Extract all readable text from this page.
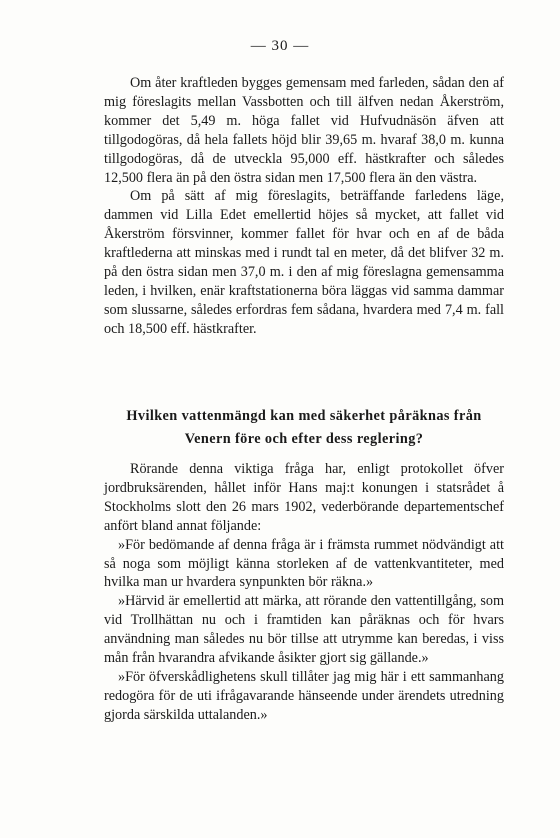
— 30 —

Om åter kraftleden bygges gemensam med farleden, sådan den af mig föreslagits mellan Vassbotten och till älfven nedan Åkerström, kommer det 5,49 m. höga fallet vid Hufvudnäsön äfven att tillgodogöras, då hela fallets höjd blir 39,65 m. hvaraf 38,0 m. kunna tillgodogöras, då de utveckla 95,000 eff. hästkrafter och således 12,500 flera än på den östra sidan men 17,500 flera än den västra.

Om på sätt af mig föreslagits, beträffande farledens läge, dammen vid Lilla Edet emellertid höjes så mycket, att fallet vid Åkerström försvinner, kommer fallet för hvar och en af de båda kraftlederna att minskas med i rundt tal en meter, då det blifver 32 m. på den östra sidan men 37,0 m. i den af mig föreslagna gemensamma leden, i hvilken, enär kraftstationerna böra läggas vid samma dammar som slussarne, således erfordras fem sådana, hvardera med 7,4 m. fall och 18,500 eff. hästkrafter.

Hvilken vattenmängd kan med säkerhet påräknas från
Venern före och efter dess reglering?

Rörande denna viktiga fråga har, enligt protokollet öfver jordbruksärenden, hållet inför Hans maj:t konungen i statsrådet å Stockholms slott den 26 mars 1902, vederbörande departementschef anfört bland annat följande:

»För bedömande af denna fråga är i främsta rummet nödvändigt att så noga som möjligt känna storleken af de vattenkvantiteter, med hvilka man ur hvardera synpunkten bör räkna.»

»Härvid är emellertid att märka, att rörande den vattentillgång, som vid Trollhättan nu och i framtiden kan påräknas och för hvars användning man således nu bör tillse att utrymme kan beredas, i viss mån från hvarandra afvikande åsikter gjort sig gällande.»

»För öfverskådlighetens skull tillåter jag mig här i ett sammanhang redogöra för de uti ifrågavarande hänseende under ärendets utredning gjorda särskilda uttalanden.»
